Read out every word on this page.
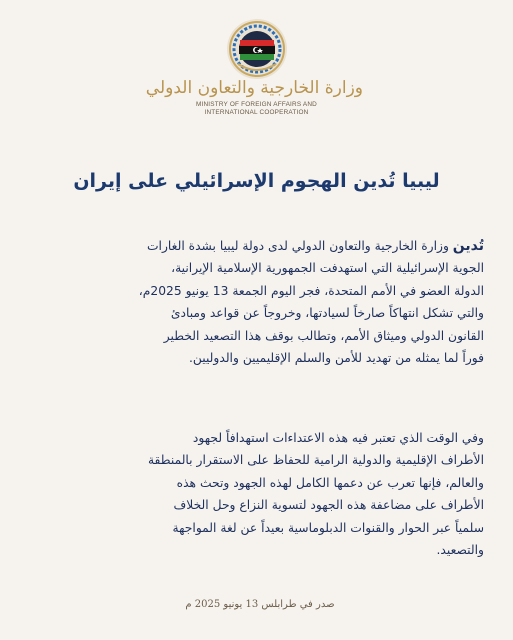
وزارة الخارجية والتعاون الدولي
MINISTRY OF FOREIGN AFFAIRS AND
INTERNATIONAL COOPERATION
ليبيا تُدين الهجوم الإسرائيلي على إيران
تُدين وزارة الخارجية والتعاون الدولي لدى دولة ليبيا بشدة الغارات
الجوية الإسرائيلية التي استهدفت الجمهورية الإسلامية الإيرانية،
الدولة العضو في الأمم المتحدة، فجر اليوم الجمعة 13 يونيو 2025م،
والتي تشكل انتهاكاً صارخاً لسيادتها، وخروجاً عن قواعد ومبادئ
القانون الدولي وميثاق الأمم، وتطالب بوقف هذا التصعيد الخطير
فوراً لما يمثله من تهديد للأمن والسلم الإقليميين والدوليين.
وفي الوقت الذي تعتبر فيه هذه الاعتداءات استهدافاً لجهود
الأطراف الإقليمية والدولية الرامية للحفاظ على الاستقرار بالمنطقة
والعالم، فإنها تعرب عن دعمها الكامل لهذه الجهود وتحث هذه
الأطراف على مضاعفة هذه الجهود لتسوية النزاع وحل الخلاف
سلمياً عبر الحوار والقنوات الدبلوماسية بعيداً عن لغة المواجهة
والتصعيد.
صدر في طرابلس 13 يونيو 2025 م
